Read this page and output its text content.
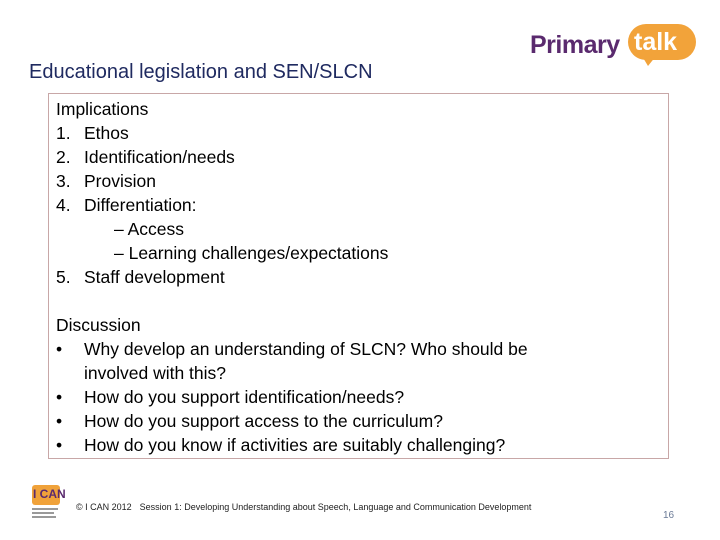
Primary talk
Educational legislation and SEN/SLCN
Implications
1. Ethos
2. Identification/needs
3. Provision
4. Differentiation:
– Access
– Learning challenges/expectations
5. Staff development
Discussion
• Why develop an understanding of SLCN? Who should be
involved with this?
• How do you support identification/needs?
• How do you support access to the curriculum?
• How do you know if activities are suitably challenging?
I CAN
© I CAN 2012 Session 1: Developing Understanding about Speech, Language and Communication Development
16
